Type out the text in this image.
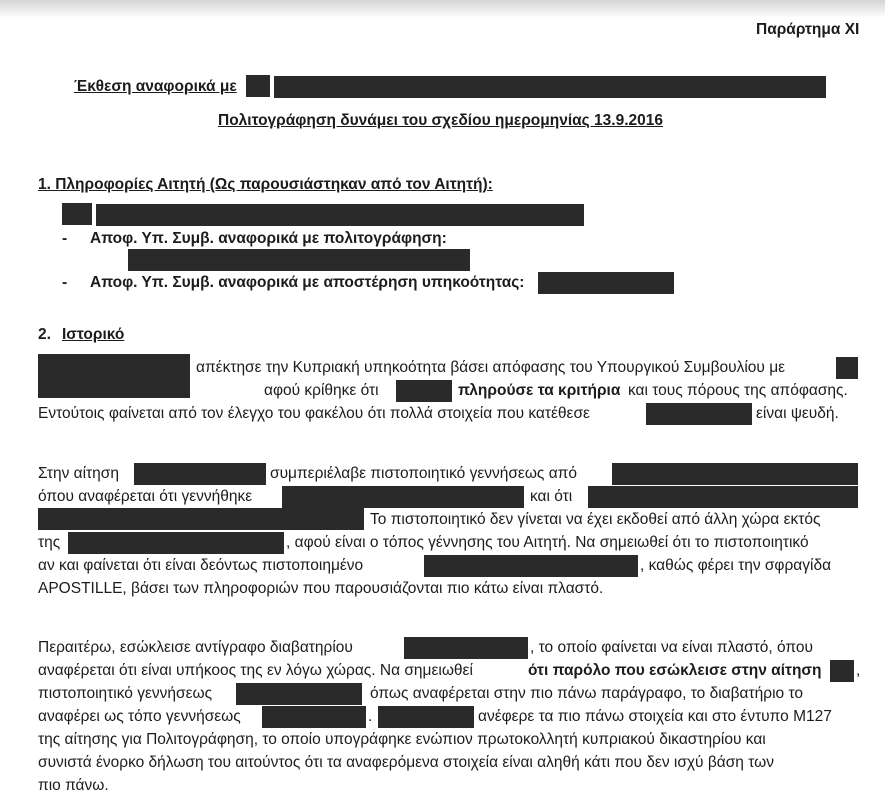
Παράρτημα XI
Έκθεση αναφορικά με
Πολιτογράφηση δυνάμει του σχεδίου ημερομηνίας 13.9.2016
1. Πληροφορίες Αιτητή (Ως παρουσιάστηκαν από τον Αιτητή):
- Αποφ. Υπ. Συμβ. αναφορικά με πολιτογράφηση:
- Αποφ. Υπ. Συμβ. αναφορικά με αποστέρηση υπηκοότητας:
2. Ιστορικό
απέκτησε την Κυπριακή υπηκοότητα βάσει απόφασης του Υπουργικού Συμβουλίου με
αφού κρίθηκε ότι	πληρούσε τα κριτήρια και τους πόρους της απόφασης.
Εντούτοις φαίνεται από τον έλεγχο του φακέλου ότι πολλά στοιχεία που κατέθεσε	είναι ψευδή.
Στην αίτηση	συμπεριέλαβε πιστοποιητικό γεννήσεως από
όπου αναφέρεται ότι γεννήθηκε	και ότι
Το πιστοποιητικό δεν γίνεται να έχει εκδοθεί από άλλη χώρα εκτός
της	, αφού είναι ο τόπος γέννησης του Αιτητή. Να σημειωθεί ότι το πιστοποιητικό
αν και φαίνεται ότι είναι δεόντως πιστοποιημένο	, καθώς φέρει την σφραγίδα
APOSTILLE, βάσει των πληροφοριών που παρουσιάζονται πιο κάτω είναι πλαστό.
Περαιτέρω, εσώκλεισε αντίγραφο διαβατηρίου	, το οποίο φαίνεται να είναι πλαστό, όπου
αναφέρεται ότι είναι υπήκοος της εν λόγω χώρας. Να σημειωθεί	ότι παρόλο που εσώκλεισε στην αίτηση ,
πιστοποιητικό γεννήσεως	όπως αναφέρεται στην πιο πάνω παράγραφο, το διαβατήριο το
αναφέρει ως τόπο γεννήσεως	.	ανέφερε τα πιο πάνω στοιχεία και στο έντυπο Μ127
της αίτησης για Πολιτογράφηση, το οποίο υπογράφηκε ενώπιον πρωτοκολλητή κυπριακού δικαστηρίου και
συνιστά ένορκο δήλωση του αιτούντος ότι τα αναφερόμενα στοιχεία είναι αληθή κάτι που δεν ισχύ βάση των
πιο πάνω.
